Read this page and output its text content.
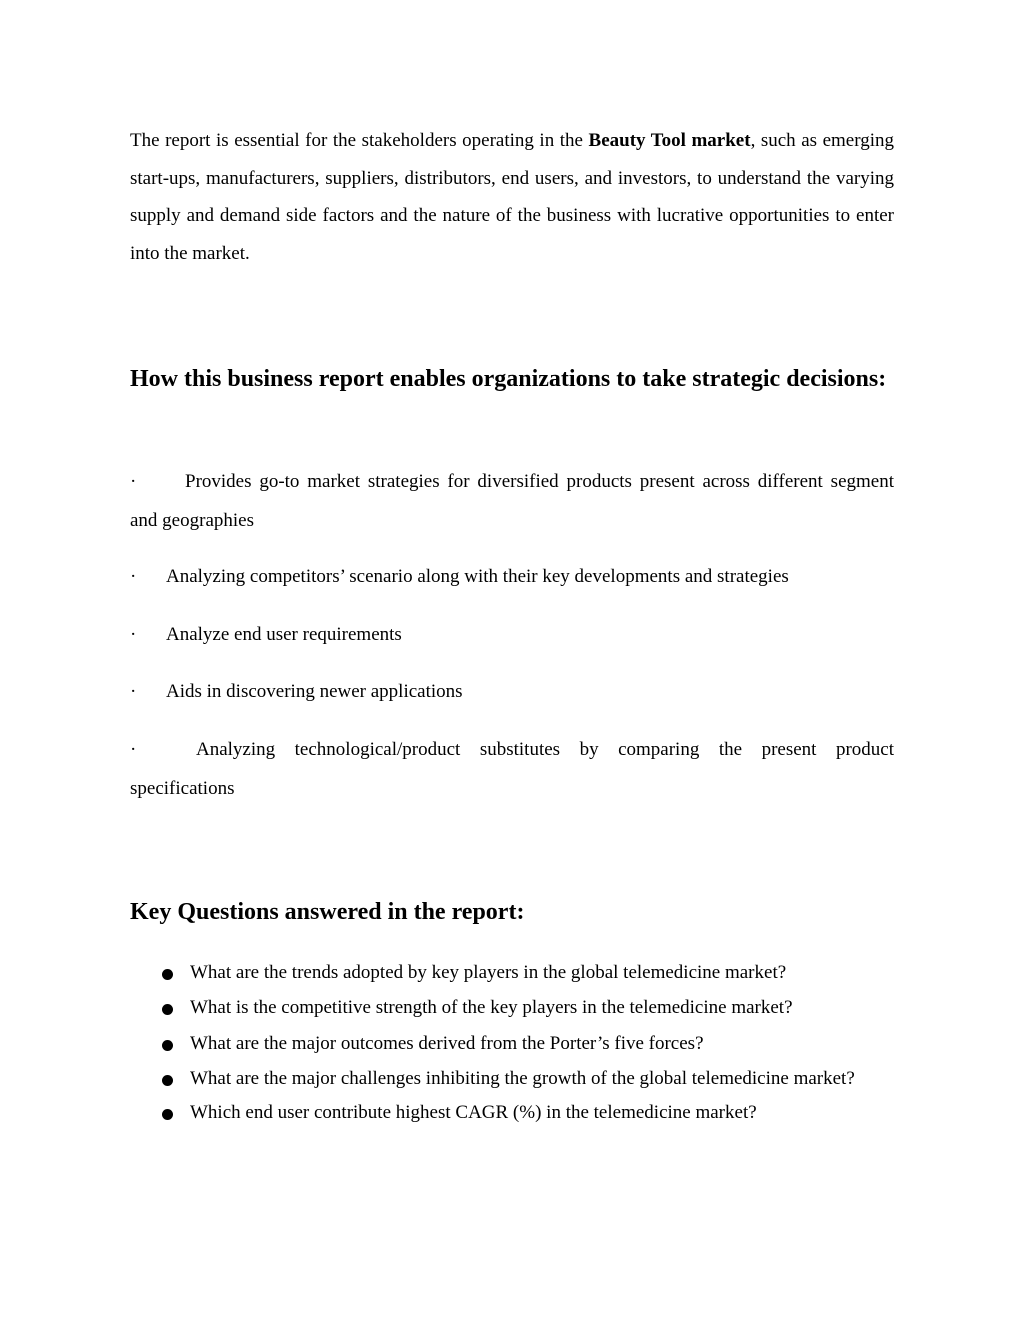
The report is essential for the stakeholders operating in the Beauty Tool market, such as emerging start-ups, manufacturers, suppliers, distributors, end users, and investors, to understand the varying supply and demand side factors and the nature of the business with lucrative opportunities to enter into the market.

How this business report enables organizations to take strategic decisions:

·	Provides go-to market strategies for diversified products present across different segment and geographies

· Analyzing competitors’ scenario along with their key developments and strategies

· Analyze end user requirements

· Aids in discovering newer applications

·	Analyzing technological/product substitutes by comparing the present product specifications

Key Questions answered in the report:
What are the trends adopted by key players in the global telemedicine market?
What is the competitive strength of the key players in the telemedicine market?
What are the major outcomes derived from the Porter’s five forces?
What are the major challenges inhibiting the growth of the global telemedicine market?
Which end user contribute highest CAGR (%) in the telemedicine market?
